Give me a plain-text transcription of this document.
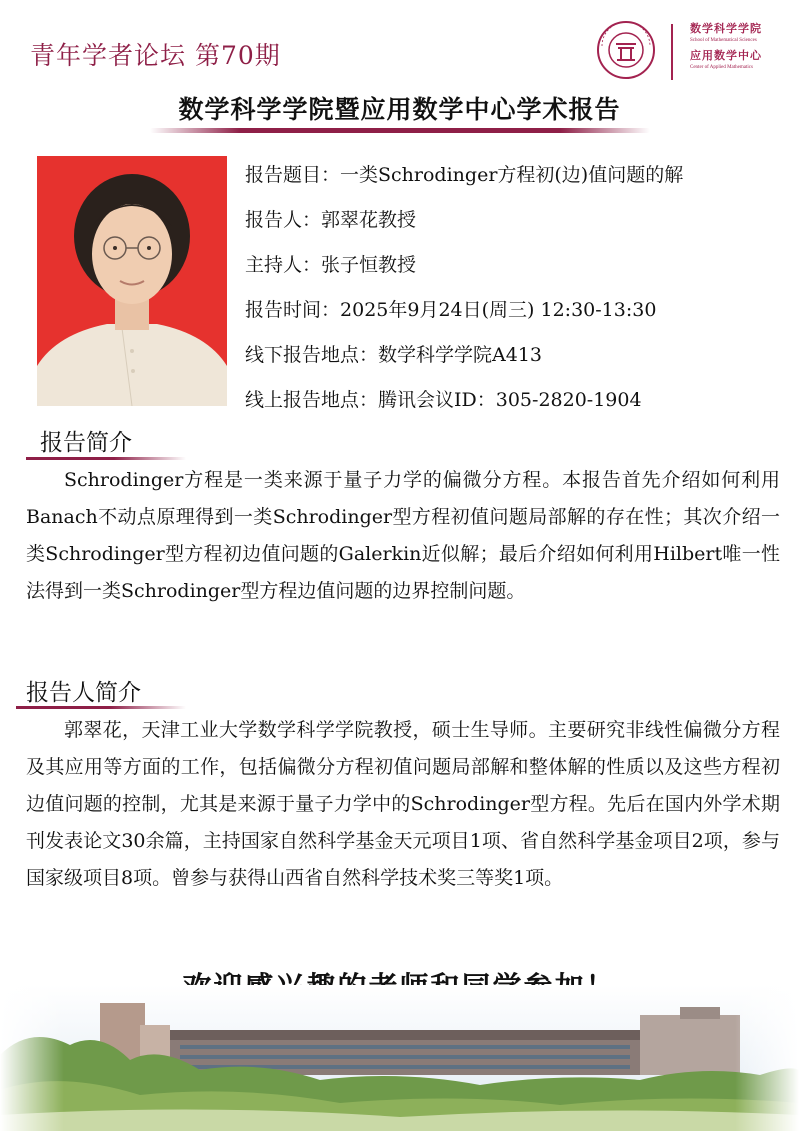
青年学者论坛 第70期
数学科学学院
School of Mathematical Sciences
应用数学中心
Center of Applied Mathematics
数学科学学院暨应用数学中心学术报告
报告题目：一类Schrodinger方程初(边)值问题的解
报告人：郭翠花教授
主持人：张子恒教授
报告时间：2025年9月24日(周三) 12:30-13:30
线下报告地点：数学科学学院A413
线上报告地点：腾讯会议ID：305-2820-1904
报告简介
Schrodinger方程是一类来源于量子力学的偏微分方程。本报告首先介绍如何利用Banach不动点原理得到一类Schrodinger型方程初值问题局部解的存在性；其次介绍一类Schrodinger型方程初边值问题的Galerkin近似解；最后介绍如何利用Hilbert唯一性法得到一类Schrodinger型方程边值问题的边界控制问题。
报告人简介
郭翠花，天津工业大学数学科学学院教授，硕士生导师。主要研究非线性偏微分方程及其应用等方面的工作，包括偏微分方程初值问题局部解和整体解的性质以及这些方程初边值问题的控制，尤其是来源于量子力学中的Schrodinger型方程。先后在国内外学术期刊发表论文30余篇，主持国家自然科学基金天元项目1项、省自然科学基金项目2项，参与国家级项目8项。曾参与获得山西省自然科学技术奖三等奖1项。
